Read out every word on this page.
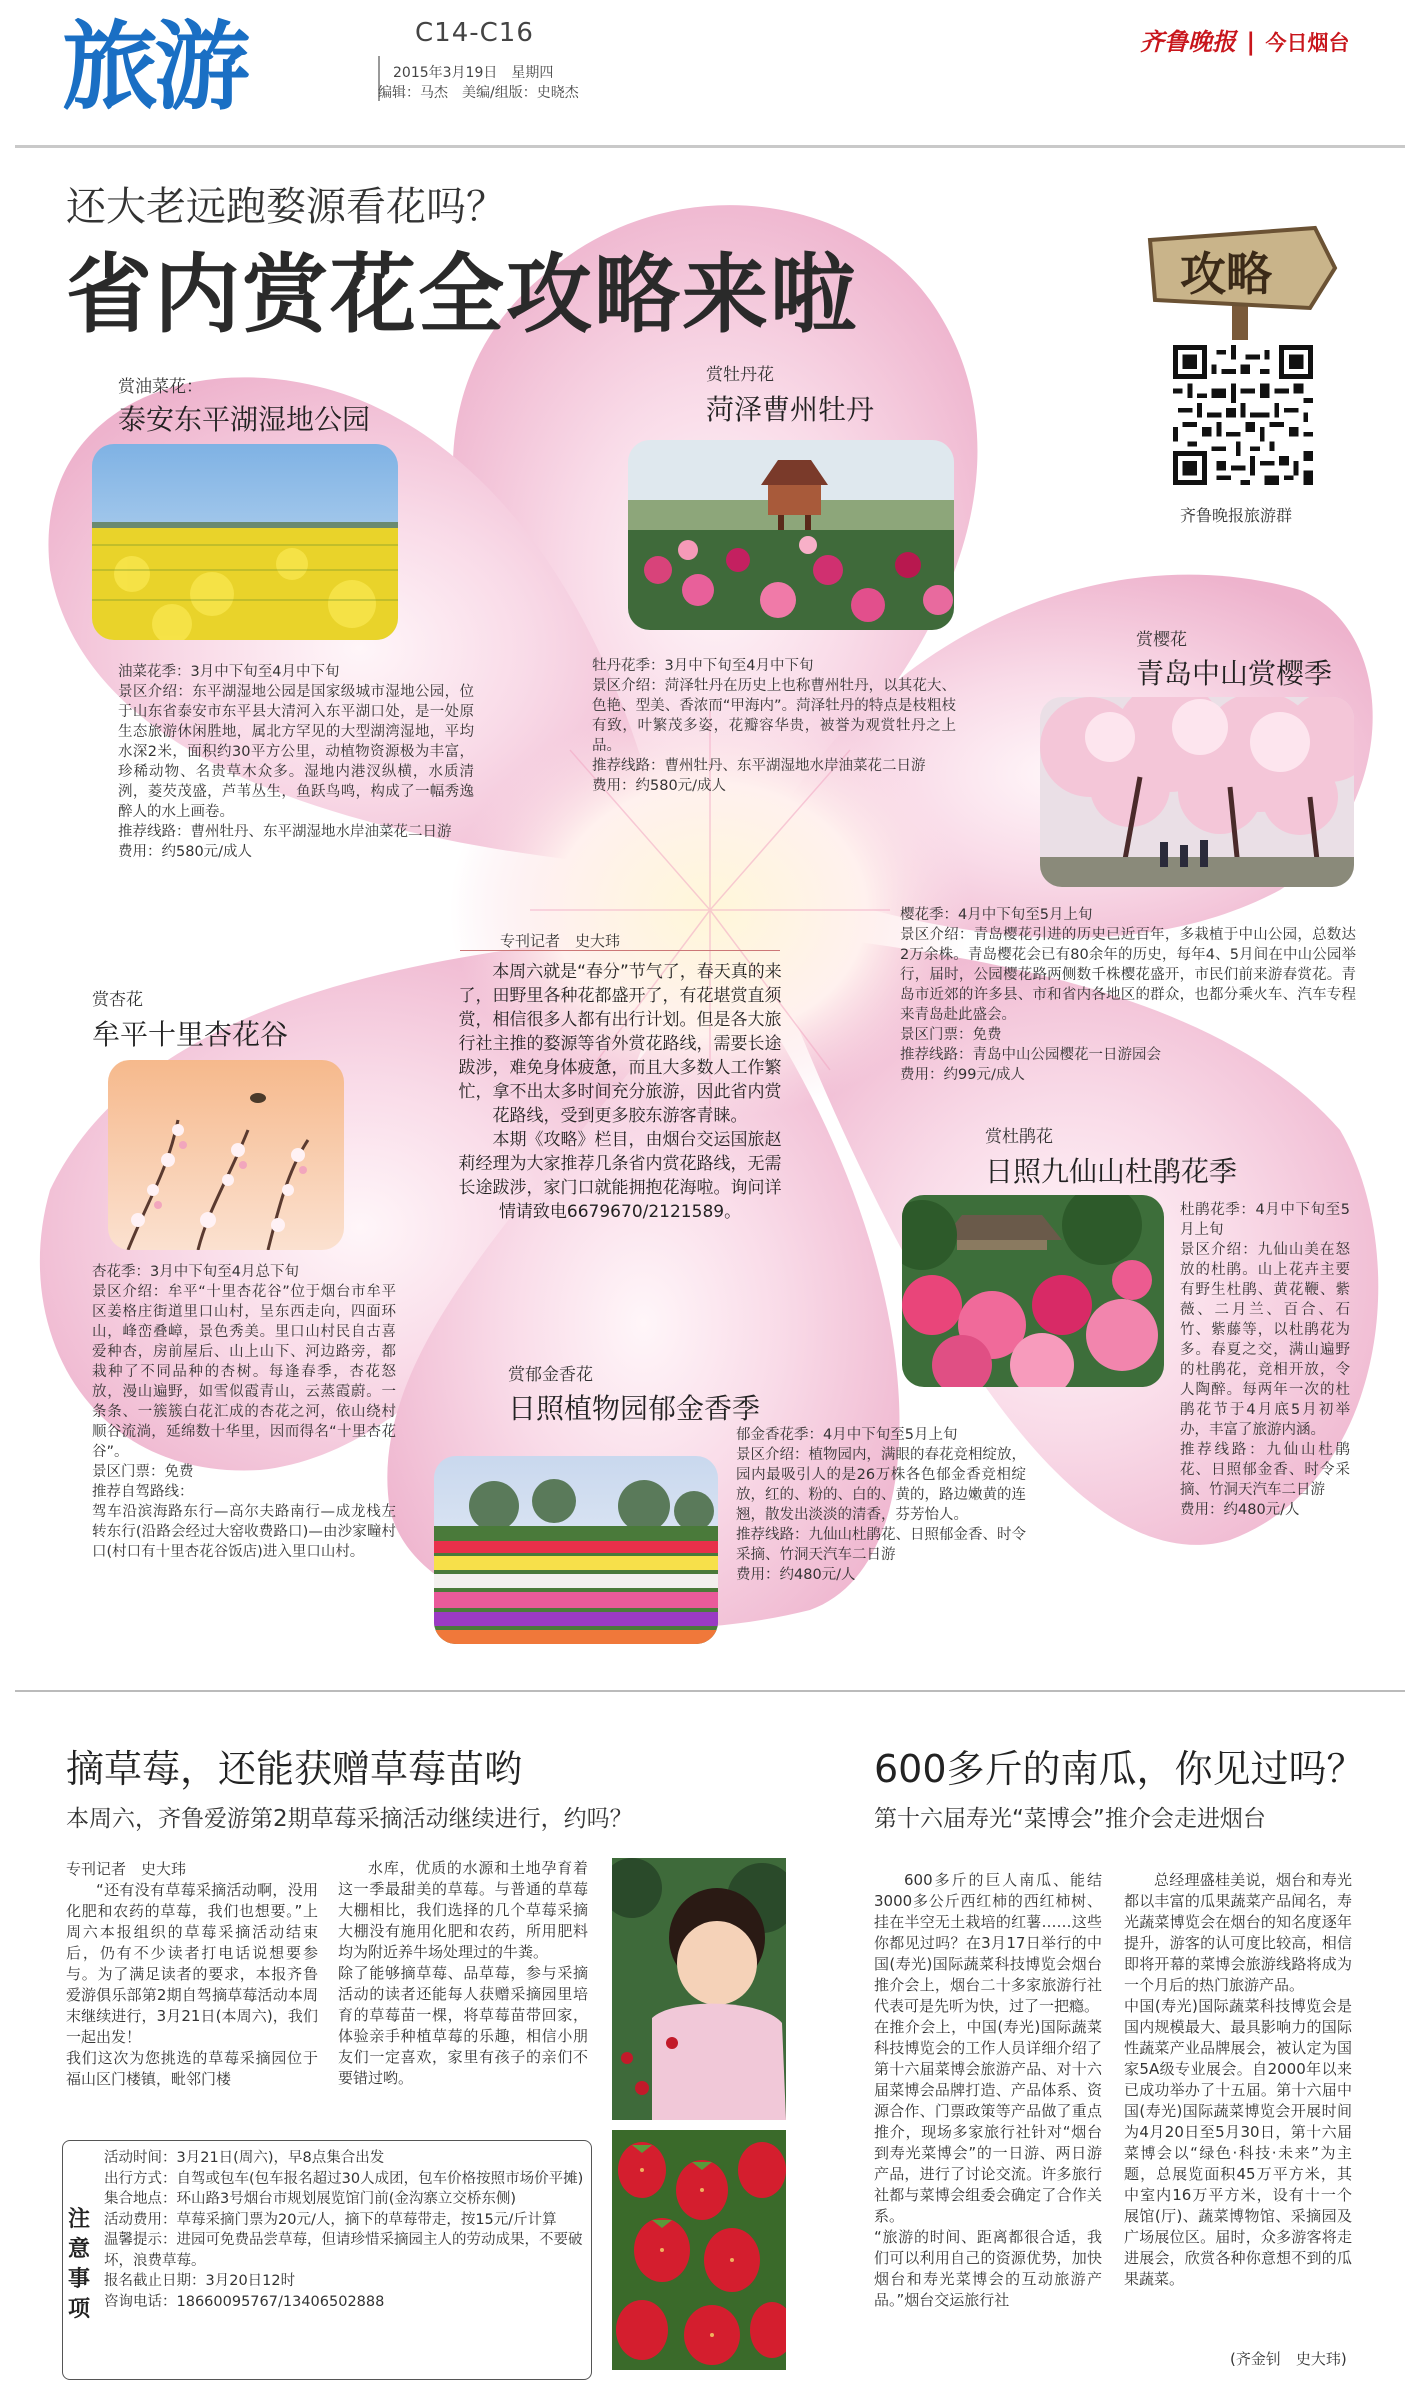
旅游	C14-C16
2015年3月19日　星期四
编辑：马杰　美编/组版：史晓杰
齐鲁晚报 | 今日烟台
还大老远跑婺源看花吗？
省内赏花全攻略来啦	攻略
齐鲁晚报旅游群
赏油菜花：
泰安东平湖湿地公园
油菜花季：3月中下旬至4月中下旬
景区介绍：东平湖湿地公园是国家级城市湿地公园，位于山东省泰安市东平县大清河入东平湖口处，是一处原生态旅游休闲胜地，属北方罕见的大型湖湾湿地，平均水深2米，面积约30平方公里，动植物资源极为丰富，珍稀动物、名贵草木众多。湿地内港汊纵横，水质清洌，菱芡茂盛，芦苇丛生，鱼跃鸟鸣，构成了一幅秀逸醉人的水上画卷。
推荐线路：曹州牡丹、东平湖湿地水岸油菜花二日游
费用：约580元/成人
赏牡丹花
菏泽曹州牡丹
牡丹花季：3月中下旬至4月中下旬
景区介绍：菏泽牡丹在历史上也称曹州牡丹，以其花大、色艳、型美、香浓而“甲海内”。菏泽牡丹的特点是枝粗枝有致，叶繁茂多姿，花瓣容华贵，被誉为观赏牡丹之上品。
推荐线路：曹州牡丹、东平湖湿地水岸油菜花二日游
费用：约580元/成人
赏樱花
青岛中山赏樱季
樱花季：4月中下旬至5月上旬
景区介绍：青岛樱花引进的历史已近百年，多栽植于中山公园，总数达2万余株。青岛樱花会已有80余年的历史，每年4、5月间在中山公园举行，届时，公园樱花路两侧数千株樱花盛开，市民们前来游春赏花。青岛市近郊的许多县、市和省内各地区的群众，也都分乘火车、汽车专程来青岛赴此盛会。
景区门票：免费
推荐线路：青岛中山公园樱花一日游园会
费用：约99元/成人
专刊记者　史大玮

本周六就是“春分”节气了，春天真的来了，田野里各种花都盛开了，有花堪赏直须赏，相信很多人都有出行计划。但是各大旅行社主推的婺源等省外赏花路线，需要长途跋涉，难免身体疲惫，而且大多数人工作繁忙，拿不出太多时间充分旅游，因此省内赏花路线，受到更多胶东游客青睐。

本期《攻略》栏目，由烟台交运国旅赵莉经理为大家推荐几条省内赏花路线，无需长途跋涉，家门口就能拥抱花海啦。询问详情请致电6679670/2121589。

赏杏花
牟平十里杏花谷
杏花季：3月中下旬至4月总下旬
景区介绍：牟平“十里杏花谷”位于烟台市牟平区姜格庄街道里口山村，呈东西走向，四面环山，峰峦叠嶂，景色秀美。里口山村民自古喜爱种杏，房前屋后、山上山下、河边路旁，都栽种了不同品种的杏树。每逢春季，杏花怒放，漫山遍野，如雪似霞青山，云蒸霞蔚。一条条、一簇簇白花汇成的杏花之河，依山绕村顺谷流淌，延绵数十华里，因而得名“十里杏花谷”。
景区门票：免费
推荐自驾路线：
驾车沿滨海路东行—高尔夫路南行—成龙栈左转东行(沿路会经过大窑收费路口)—由沙家疃村口(村口有十里杏花谷饭店)进入里口山村。
赏杜鹃花
日照九仙山杜鹃花季
杜鹃花季：4月中下旬至5月上旬
景区介绍：九仙山美在怒放的杜鹃。山上花卉主要有野生杜鹃、黄花鞭、紫薇、二月兰、百合、石竹、紫藤等，以杜鹃花为多。春夏之交，满山遍野的杜鹃花，竞相开放，令人陶醉。每两年一次的杜鹃花节于4月底5月初举办，丰富了旅游内涵。
推荐线路：九仙山杜鹃花、日照郁金香、时令采摘、竹洞天汽车二日游
费用：约480元/人
赏郁金香花
日照植物园郁金香季
郁金香花季：4月中下旬至5月上旬
景区介绍：植物园内，满眼的春花竞相绽放，园内最吸引人的是26万株各色郁金香竞相绽放，红的、粉的、白的、黄的，路边嫩黄的连翘，散发出淡淡的清香，芬芳怡人。
推荐线路：九仙山杜鹃花、日照郁金香、时令采摘、竹洞天汽车二日游
费用：约480元/人
摘草莓，还能获赠草莓苗哟
本周六，齐鲁爱游第2期草莓采摘活动继续进行，约吗？
专刊记者　史大玮
“还有没有草莓采摘活动啊，没用化肥和农药的草莓，我们也想要。”上周六本报组织的草莓采摘活动结束后，仍有不少读者打电话说想要参与。为了满足读者的要求，本报齐鲁爱游俱乐部第2期自驾摘草莓活动本周末继续进行，3月21日(本周六)，我们一起出发！
我们这次为您挑选的草莓采摘园位于福山区门楼镇，毗邻门楼
水库，优质的水源和土地孕育着这一季最甜美的草莓。与普通的草莓大棚相比，我们选择的几个草莓采摘大棚没有施用化肥和农药，所用肥料均为附近养牛场处理过的牛粪。
除了能够摘草莓、品草莓，参与采摘活动的读者还能每人获赠采摘园里培育的草莓苗一棵，将草莓苗带回家，体验亲手种植草莓的乐趣，相信小朋友们一定喜欢，家里有孩子的亲们不要错过哟。
注意事项
活动时间：3月21日(周六)，早8点集合出发
出行方式：自驾或包车(包车报名超过30人成团，包车价格按照市场价平摊)
集合地点：环山路3号烟台市规划展览馆门前(金沟寨立交桥东侧)
活动费用：草莓采摘门票为20元/人，摘下的草莓带走，按15元/斤计算
温馨提示：进园可免费品尝草莓，但请珍惜采摘园主人的劳动成果，不要破坏，浪费草莓。
报名截止日期：3月20日12时
咨询电话：18660095767/13406502888
600多斤的南瓜，你见过吗？
第十六届寿光“菜博会”推介会走进烟台
600多斤的巨人南瓜、能结3000多公斤西红柿的西红柿树、挂在半空无土栽培的红薯……这些你都见过吗？在3月17日举行的中国(寿光)国际蔬菜科技博览会烟台推介会上，烟台二十多家旅游行社代表可是先听为快，过了一把瘾。
在推介会上，中国(寿光)国际蔬菜科技博览会的工作人员详细介绍了第十六届菜博会旅游产品、对十六届菜博会品牌打造、产品体系、资源合作、门票政策等产品做了重点推介，现场多家旅行社针对“烟台到寿光菜博会”的一日游、两日游产品，进行了讨论交流。许多旅行社都与菜博会组委会确定了合作关系。
“旅游的时间、距离都很合适，我们可以利用自己的资源优势，加快烟台和寿光菜博会的互动旅游产品。”烟台交运旅行社
总经理盛桂美说，烟台和寿光都以丰富的瓜果蔬菜产品闻名，寿光蔬菜博览会在烟台的知名度逐年提升，游客的认可度比较高，相信即将开幕的菜博会旅游线路将成为一个月后的热门旅游产品。
中国(寿光)国际蔬菜科技博览会是国内规模最大、最具影响力的国际性蔬菜产业品牌展会，被认定为国家5A级专业展会。自2000年以来已成功举办了十五届。第十六届中国(寿光)国际蔬菜博览会开展时间为4月20日至5月30日，第十六届菜博会以“绿色·科技·未来”为主题，总展览面积45万平方米，其中室内16万平方米，设有十一个展馆(厅)、蔬菜博物馆、采摘园及广场展位区。届时，众多游客将走进展会，欣赏各种你意想不到的瓜果蔬菜。
(齐金钊　史大玮)
